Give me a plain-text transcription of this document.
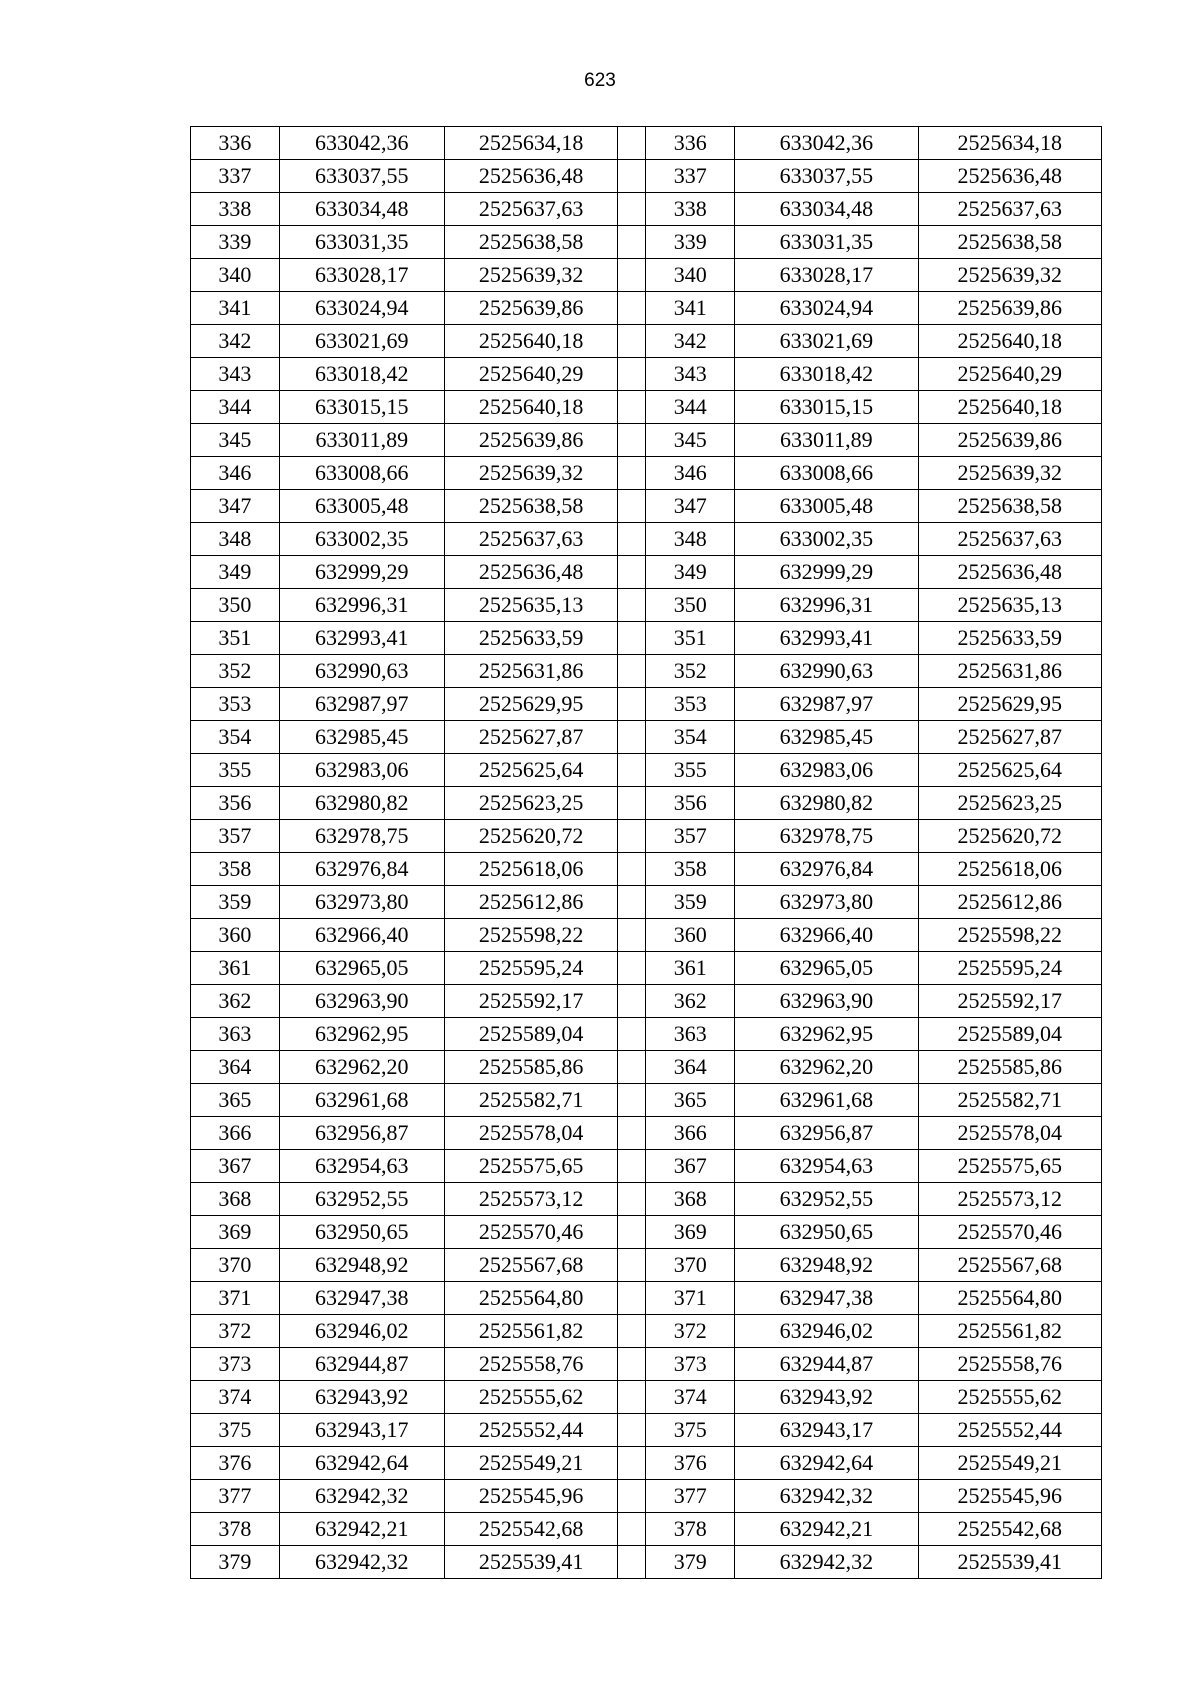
623
336	633042,36	2525634,18		336	633042,36	2525634,18
337	633037,55	2525636,48		337	633037,55	2525636,48
338	633034,48	2525637,63		338	633034,48	2525637,63
339	633031,35	2525638,58		339	633031,35	2525638,58
340	633028,17	2525639,32		340	633028,17	2525639,32
341	633024,94	2525639,86		341	633024,94	2525639,86
342	633021,69	2525640,18		342	633021,69	2525640,18
343	633018,42	2525640,29		343	633018,42	2525640,29
344	633015,15	2525640,18		344	633015,15	2525640,18
345	633011,89	2525639,86		345	633011,89	2525639,86
346	633008,66	2525639,32		346	633008,66	2525639,32
347	633005,48	2525638,58		347	633005,48	2525638,58
348	633002,35	2525637,63		348	633002,35	2525637,63
349	632999,29	2525636,48		349	632999,29	2525636,48
350	632996,31	2525635,13		350	632996,31	2525635,13
351	632993,41	2525633,59		351	632993,41	2525633,59
352	632990,63	2525631,86		352	632990,63	2525631,86
353	632987,97	2525629,95		353	632987,97	2525629,95
354	632985,45	2525627,87		354	632985,45	2525627,87
355	632983,06	2525625,64		355	632983,06	2525625,64
356	632980,82	2525623,25		356	632980,82	2525623,25
357	632978,75	2525620,72		357	632978,75	2525620,72
358	632976,84	2525618,06		358	632976,84	2525618,06
359	632973,80	2525612,86		359	632973,80	2525612,86
360	632966,40	2525598,22		360	632966,40	2525598,22
361	632965,05	2525595,24		361	632965,05	2525595,24
362	632963,90	2525592,17		362	632963,90	2525592,17
363	632962,95	2525589,04		363	632962,95	2525589,04
364	632962,20	2525585,86		364	632962,20	2525585,86
365	632961,68	2525582,71		365	632961,68	2525582,71
366	632956,87	2525578,04		366	632956,87	2525578,04
367	632954,63	2525575,65		367	632954,63	2525575,65
368	632952,55	2525573,12		368	632952,55	2525573,12
369	632950,65	2525570,46		369	632950,65	2525570,46
370	632948,92	2525567,68		370	632948,92	2525567,68
371	632947,38	2525564,80		371	632947,38	2525564,80
372	632946,02	2525561,82		372	632946,02	2525561,82
373	632944,87	2525558,76		373	632944,87	2525558,76
374	632943,92	2525555,62		374	632943,92	2525555,62
375	632943,17	2525552,44		375	632943,17	2525552,44
376	632942,64	2525549,21		376	632942,64	2525549,21
377	632942,32	2525545,96		377	632942,32	2525545,96
378	632942,21	2525542,68		378	632942,21	2525542,68
379	632942,32	2525539,41		379	632942,32	2525539,41
